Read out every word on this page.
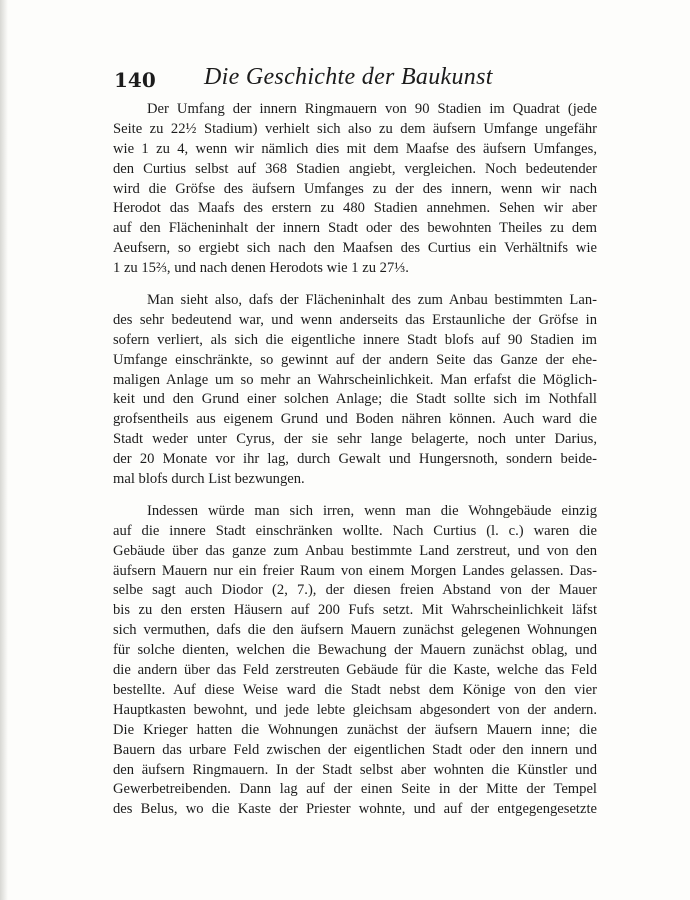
140 Die Geschichte der Baukunst
Der Umfang der innern Ringmauern von 90 Stadien im Quadrat (jede
Seite zu 22½ Stadium) verhielt sich also zu dem äufsern Umfange ungefähr
wie 1 zu 4, wenn wir nämlich dies mit dem Maafse des äufsern Umfanges,
den Curtius selbst auf 368 Stadien angiebt, vergleichen. Noch bedeutender
wird die Gröfse des äufsern Umfanges zu der des innern, wenn wir nach
Herodot das Maafs des erstern zu 480 Stadien annehmen. Sehen wir aber
auf den Flächeninhalt der innern Stadt oder des bewohnten Theiles zu dem
Aeufsern, so ergiebt sich nach den Maafsen des Curtius ein Verhältnifs wie
1 zu 15⅔, und nach denen Herodots wie 1 zu 27⅓.
Man sieht also, dafs der Flächeninhalt des zum Anbau bestimmten Lan-
des sehr bedeutend war, und wenn anderseits das Erstaunliche der Gröfse in
sofern verliert, als sich die eigentliche innere Stadt blofs auf 90 Stadien im
Umfange einschränkte, so gewinnt auf der andern Seite das Ganze der ehe-
maligen Anlage um so mehr an Wahrscheinlichkeit. Man erfafst die Möglich-
keit und den Grund einer solchen Anlage; die Stadt sollte sich im Nothfall
grofsentheils aus eigenem Grund und Boden nähren können. Auch ward die
Stadt weder unter Cyrus, der sie sehr lange belagerte, noch unter Darius,
der 20 Monate vor ihr lag, durch Gewalt und Hungersnoth, sondern beide-
mal blofs durch List bezwungen.
Indessen würde man sich irren, wenn man die Wohngebäude einzig
auf die innere Stadt einschränken wollte. Nach Curtius (l. c.) waren die
Gebäude über das ganze zum Anbau bestimmte Land zerstreut, und von den
äufsern Mauern nur ein freier Raum von einem Morgen Landes gelassen. Das-
selbe sagt auch Diodor (2, 7.), der diesen freien Abstand von der Mauer
bis zu den ersten Häusern auf 200 Fufs setzt. Mit Wahrscheinlichkeit läfst
sich vermuthen, dafs die den äufsern Mauern zunächst gelegenen Wohnungen
für solche dienten, welchen die Bewachung der Mauern zunächst oblag, und
die andern über das Feld zerstreuten Gebäude für die Kaste, welche das Feld
bestellte. Auf diese Weise ward die Stadt nebst dem Könige von den vier
Hauptkasten bewohnt, und jede lebte gleichsam abgesondert von der andern.
Die Krieger hatten die Wohnungen zunächst der äufsern Mauern inne; die
Bauern das urbare Feld zwischen der eigentlichen Stadt oder den innern und
den äufsern Ringmauern. In der Stadt selbst aber wohnten die Künstler und
Gewerbetreibenden. Dann lag auf der einen Seite in der Mitte der Tempel
des Belus, wo die Kaste der Priester wohnte, und auf der entgegengesetzte
